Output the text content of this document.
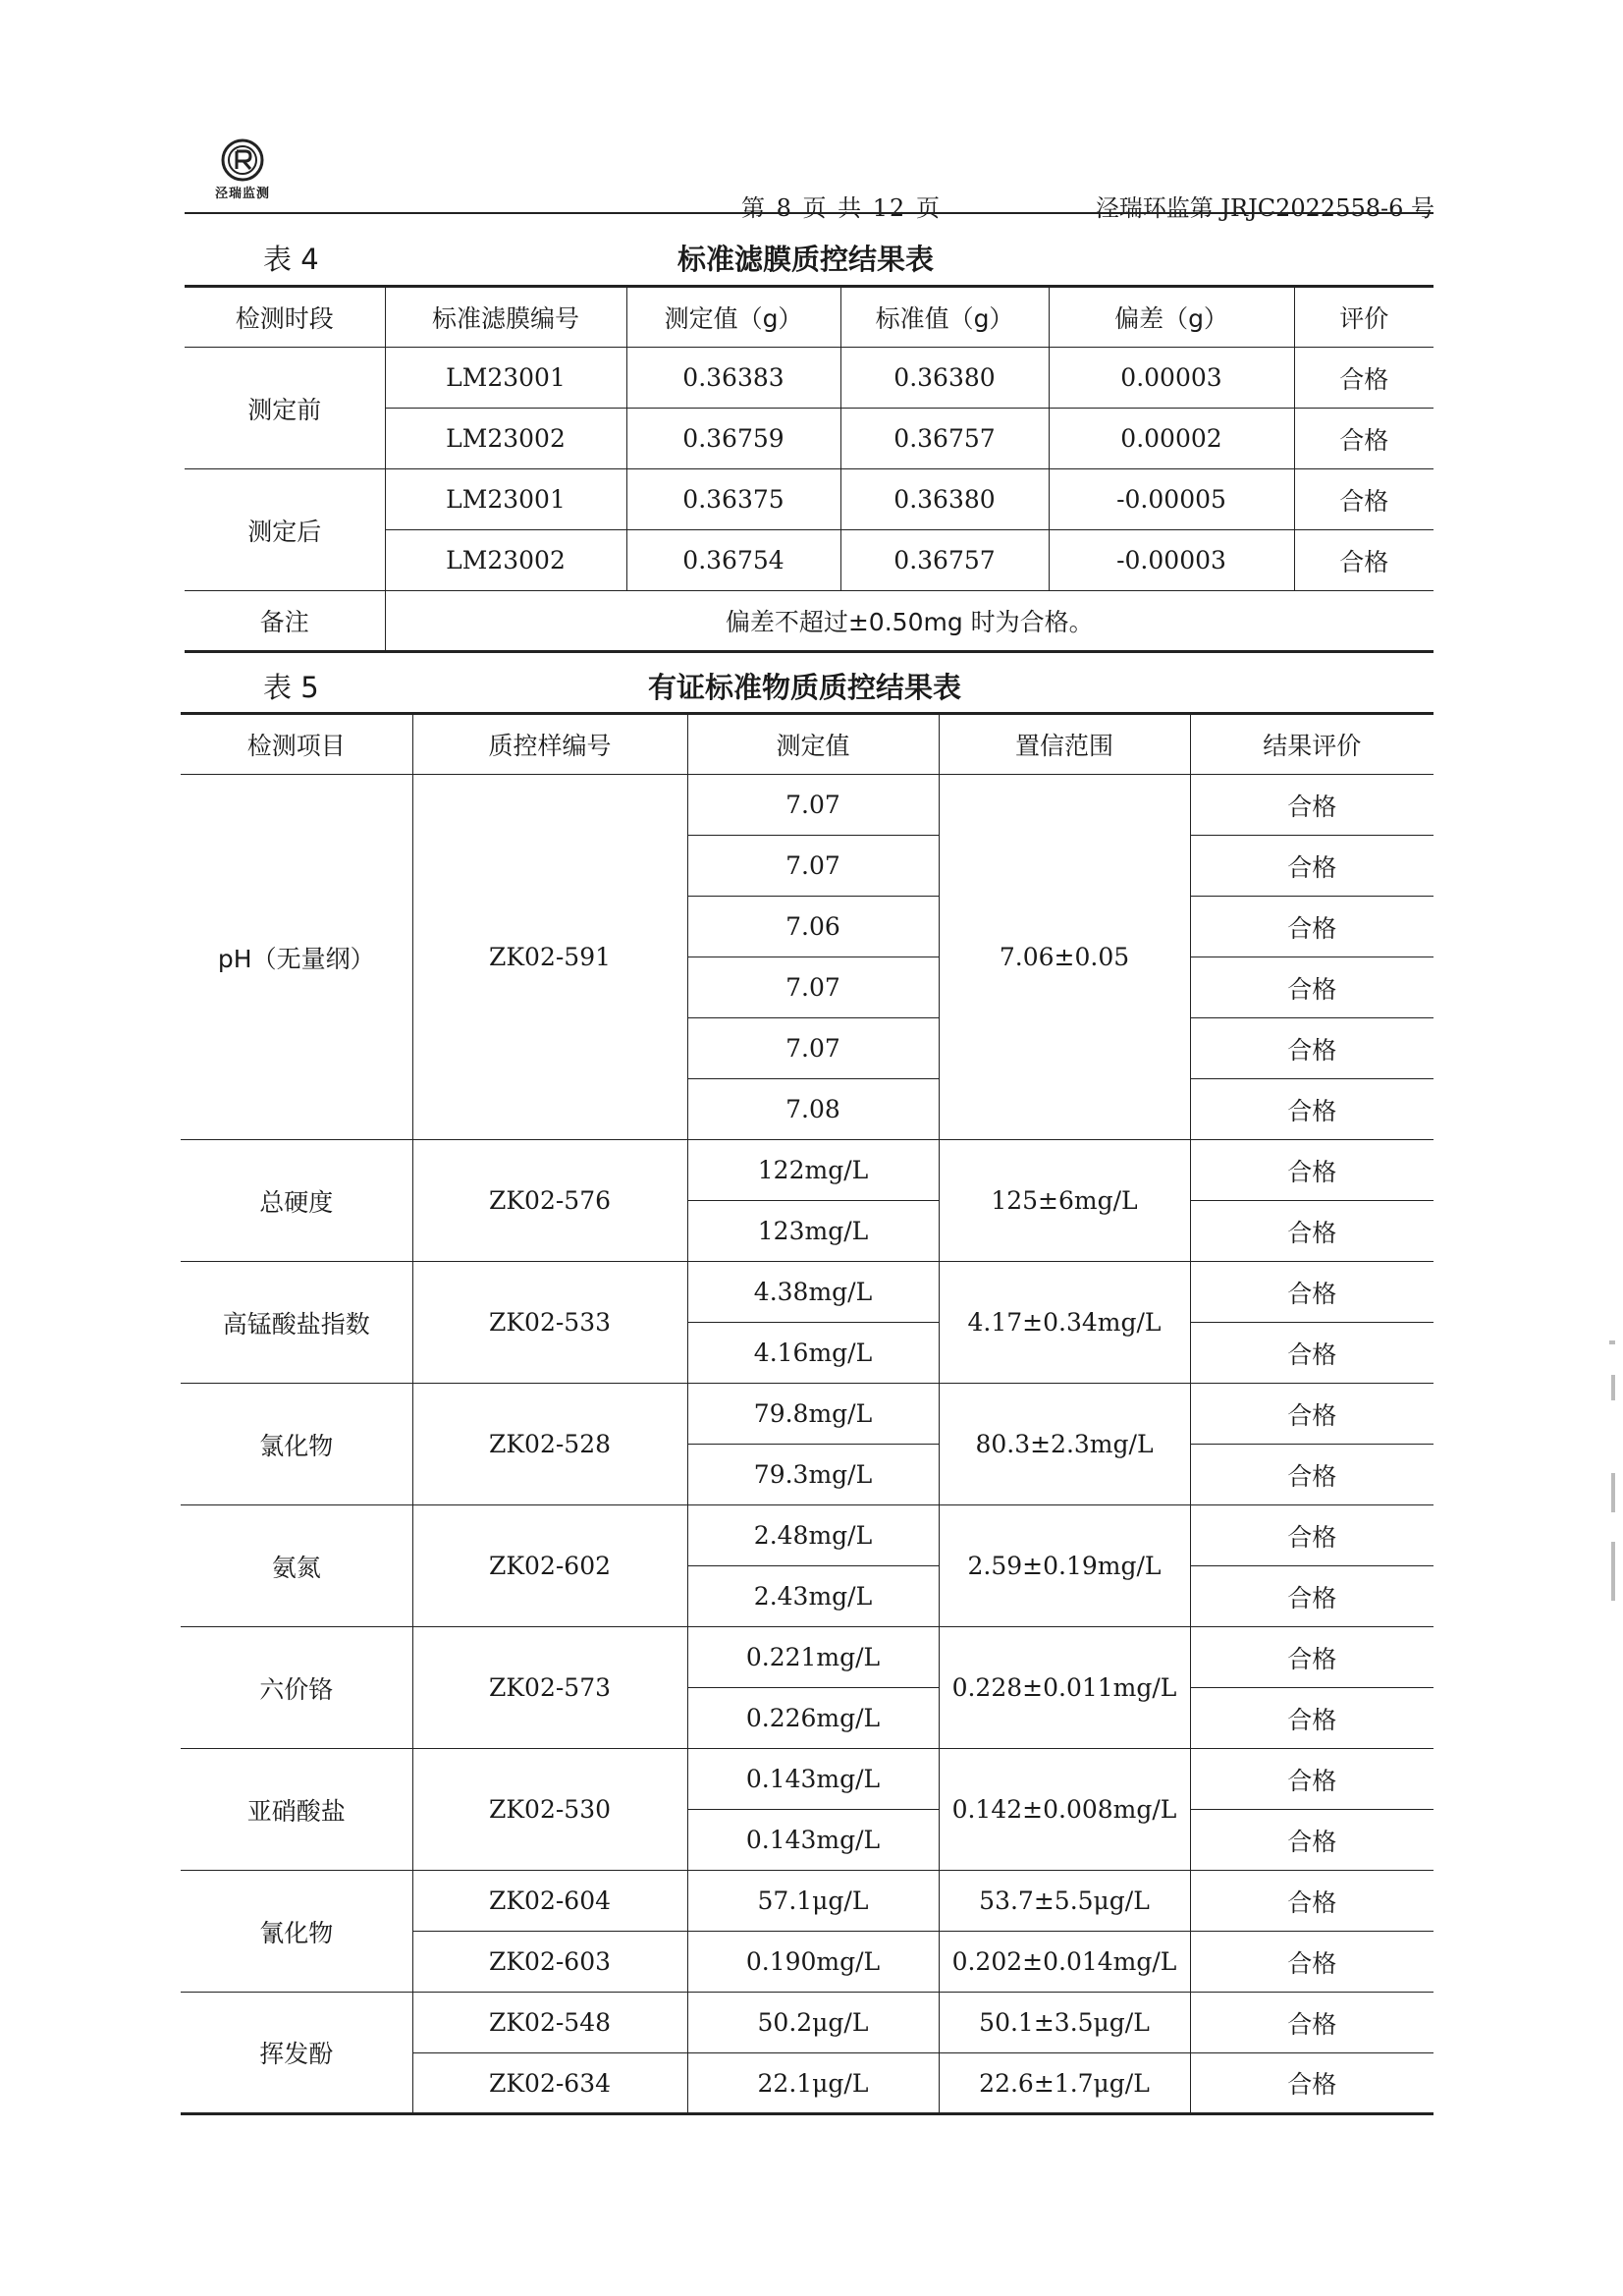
泾瑞监测
第 8 页 共 12 页	泾瑞环监第 JRJC2022558-6 号
表 4	标准滤膜质控结果表
检测时段	标准滤膜编号	测定值（g）	标准值（g）	偏差（g）	评价
测定前	LM23001	0.36383	0.36380	0.00003	合格
	LM23002	0.36759	0.36757	0.00002	合格
测定后	LM23001	0.36375	0.36380	-0.00005	合格
	LM23002	0.36754	0.36757	-0.00003	合格
备注	偏差不超过±0.50mg 时为合格。				
表 5	有证标准物质质控结果表
检测项目	质控样编号	测定值	置信范围	结果评价
pH（无量纲）	ZK02-591	7.07	7.06±0.05	合格
		7.07		合格
		7.06		合格
		7.07		合格
		7.07		合格
		7.08		合格
总硬度	ZK02-576	122mg/L	125±6mg/L	合格
		123mg/L		合格
高锰酸盐指数	ZK02-533	4.38mg/L	4.17±0.34mg/L	合格
		4.16mg/L		合格
氯化物	ZK02-528	79.8mg/L	80.3±2.3mg/L	合格
		79.3mg/L		合格
氨氮	ZK02-602	2.48mg/L	2.59±0.19mg/L	合格
		2.43mg/L		合格
六价铬	ZK02-573	0.221mg/L	0.228±0.011mg/L	合格
		0.226mg/L		合格
亚硝酸盐	ZK02-530	0.143mg/L	0.142±0.008mg/L	合格
		0.143mg/L		合格
氰化物	ZK02-604	57.1μg/L	53.7±5.5μg/L	合格
	ZK02-603	0.190mg/L	0.202±0.014mg/L	合格
挥发酚	ZK02-548	50.2μg/L	50.1±3.5μg/L	合格
	ZK02-634	22.1μg/L	22.6±1.7μg/L	合格
